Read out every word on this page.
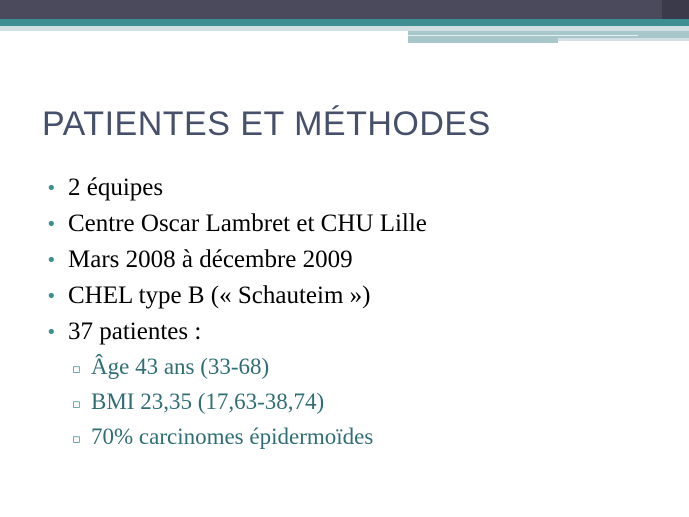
PATIENTES ET MÉTHODES
• 2 équipes
• Centre Oscar Lambret et CHU Lille
• Mars 2008 à décembre 2009
• CHEL type B (« Schauteim »)
• 37 patientes :
▫ Âge 43 ans (33-68)
▫ BMI 23,35 (17,63-38,74)
▫ 70% carcinomes épidermoïdes
